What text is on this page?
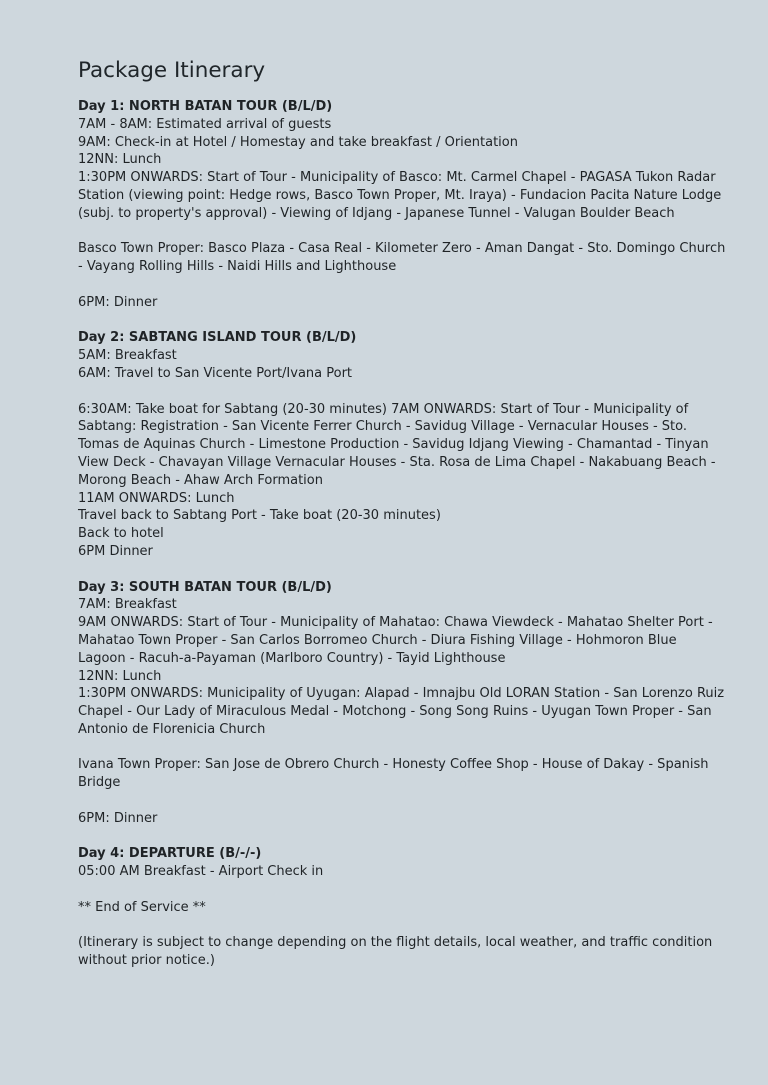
Package Itinerary

Day 1: NORTH BATAN TOUR (B/L/D)

7AM - 8AM: Estimated arrival of guests

9AM: Check-in at Hotel / Homestay and take breakfast / Orientation

12NN: Lunch

1:30PM ONWARDS: Start of Tour - Municipality of Basco: Mt. Carmel Chapel - PAGASA Tukon Radar Station (viewing point: Hedge rows, Basco Town Proper, Mt. Iraya) - Fundacion Pacita Nature Lodge (subj. to property's approval) - Viewing of Idjang - Japanese Tunnel - Valugan Boulder Beach

Basco Town Proper: Basco Plaza - Casa Real - Kilometer Zero - Aman Dangat - Sto. Domingo Church - Vayang Rolling Hills - Naidi Hills and Lighthouse

6PM: Dinner

Day 2: SABTANG ISLAND TOUR (B/L/D)

5AM: Breakfast

6AM: Travel to San Vicente Port/Ivana Port

6:30AM: Take boat for Sabtang (20-30 minutes) 7AM ONWARDS: Start of Tour - Municipality of Sabtang: Registration - San Vicente Ferrer Church - Savidug Village - Vernacular Houses - Sto. Tomas de Aquinas Church - Limestone Production - Savidug Idjang Viewing - Chamantad - Tinyan View Deck - Chavayan Village Vernacular Houses - Sta. Rosa de Lima Chapel - Nakabuang Beach - Morong Beach - Ahaw Arch Formation

11AM ONWARDS: Lunch

Travel back to Sabtang Port - Take boat (20-30 minutes)

Back to hotel

6PM Dinner

Day 3: SOUTH BATAN TOUR (B/L/D)

7AM: Breakfast

9AM ONWARDS: Start of Tour - Municipality of Mahatao: Chawa Viewdeck - Mahatao Shelter Port - Mahatao Town Proper - San Carlos Borromeo Church - Diura Fishing Village - Hohmoron Blue Lagoon - Racuh-a-Payaman (Marlboro Country) - Tayid Lighthouse

12NN: Lunch

1:30PM ONWARDS: Municipality of Uyugan: Alapad - Imnajbu Old LORAN Station - San Lorenzo Ruiz Chapel - Our Lady of Miraculous Medal - Motchong - Song Song Ruins - Uyugan Town Proper - San Antonio de Florenicia Church

Ivana Town Proper: San Jose de Obrero Church - Honesty Coffee Shop - House of Dakay - Spanish Bridge

6PM: Dinner

Day 4: DEPARTURE (B/-/-)

05:00 AM Breakfast - Airport Check in

** End of Service **

(Itinerary is subject to change depending on the flight details, local weather, and traffic condition without prior notice.)
